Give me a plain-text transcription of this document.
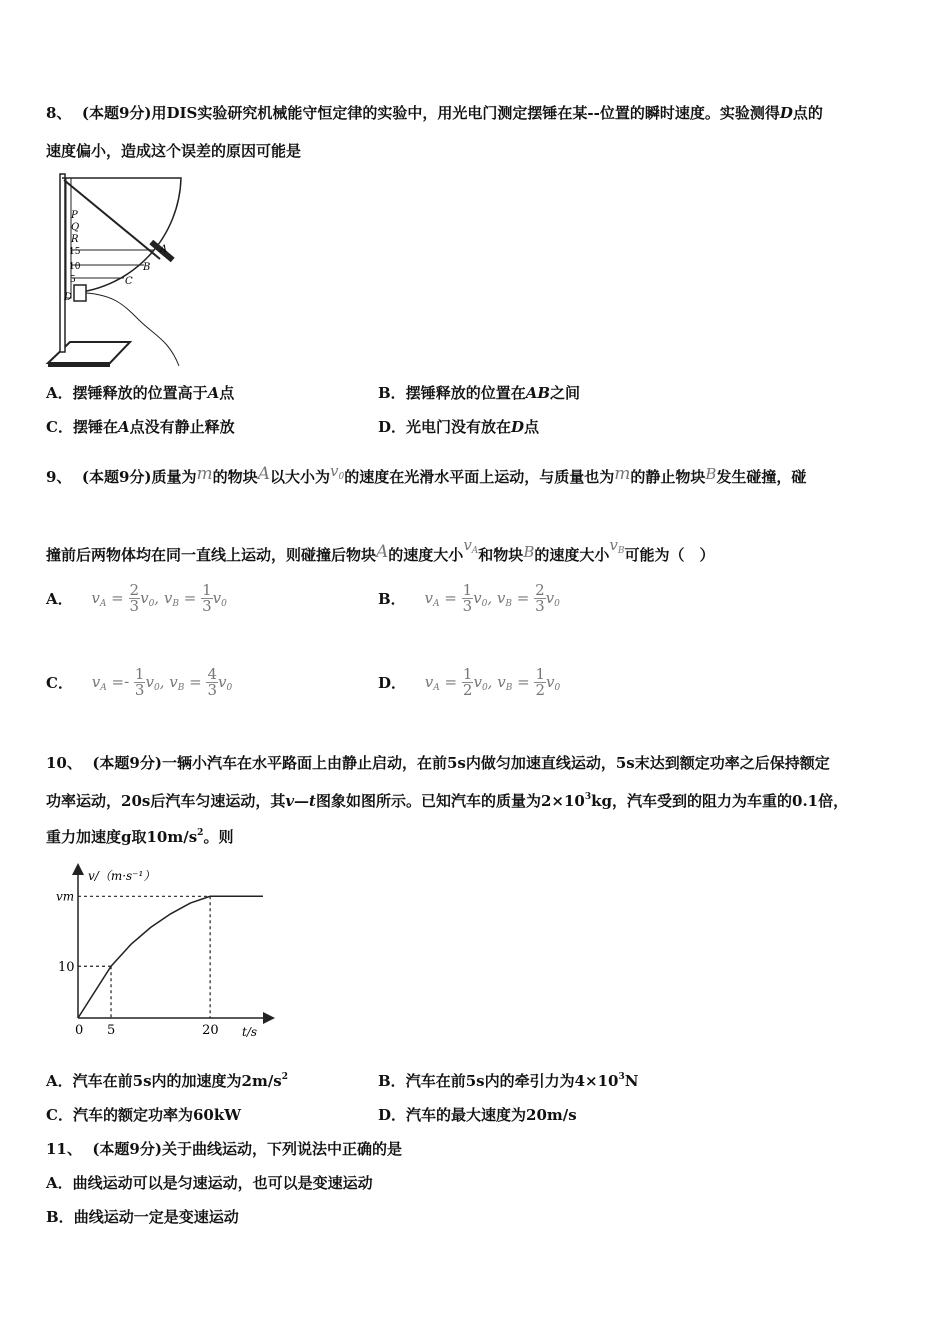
8、 (本题9分)用DIS实验研究机械能守恒定律的实验中，用光电门测定摆锤在某--位置的瞬时速度。实验测得D点的
速度偏小，造成这个误差的原因可能是
P
Q
R
15
10
5
D
A
B
C
A．摆锤释放的位置高于A点	B．摆锤释放的位置在AB之间
C．摆锤在A点没有静止释放	D．光电门没有放在D点
9、 (本题9分)质量为m的物块A以大小为$v_0$的速度在光滑水平面上运动，与质量也为m的静止物块B发生碰撞，碰
撞前后两物体均在同一直线上运动，则碰撞后物块A的速度大小$v_A$和物块B的速度大小$v_B$可能为（　）
A． $v_A = \frac{2}{3} v_0$, $v_B = \frac{1}{3} v_0$	B． $v_A = \frac{1}{3} v_0$, $v_B = \frac{2}{3} v_0$
C． $v_A =- \frac{1}{3} v_0$, $v_B = \frac{4}{3} v_0$	D． $v_A = \frac{1}{2} v_0$, $v_B = \frac{1}{2} v_0$
10、 (本题9分)一辆小汽车在水平路面上由静止启动，在前5s内做匀加速直线运动，5s末达到额定功率之后保持额定
功率运动，20s后汽车匀速运动，其v—t图象如图所示。已知汽车的质量为$2\times 10^3kg$，汽车受到的阻力为车重的0.1倍，
重力加速度g取$10m/s^2$。则
v/（m·s⁻¹）
t/s
0 5	20
10
vm
A．汽车在前5s内的加速度为$2m/s^2$	B．汽车在前5s内的牵引力为$4\times 10^3N$
C．汽车的额定功率为60kW	D．汽车的最大速度为20m/s
11、 (本题9分)关于曲线运动，下列说法中正确的是
A．曲线运动可以是匀速运动，也可以是变速运动
B．曲线运动一定是变速运动
